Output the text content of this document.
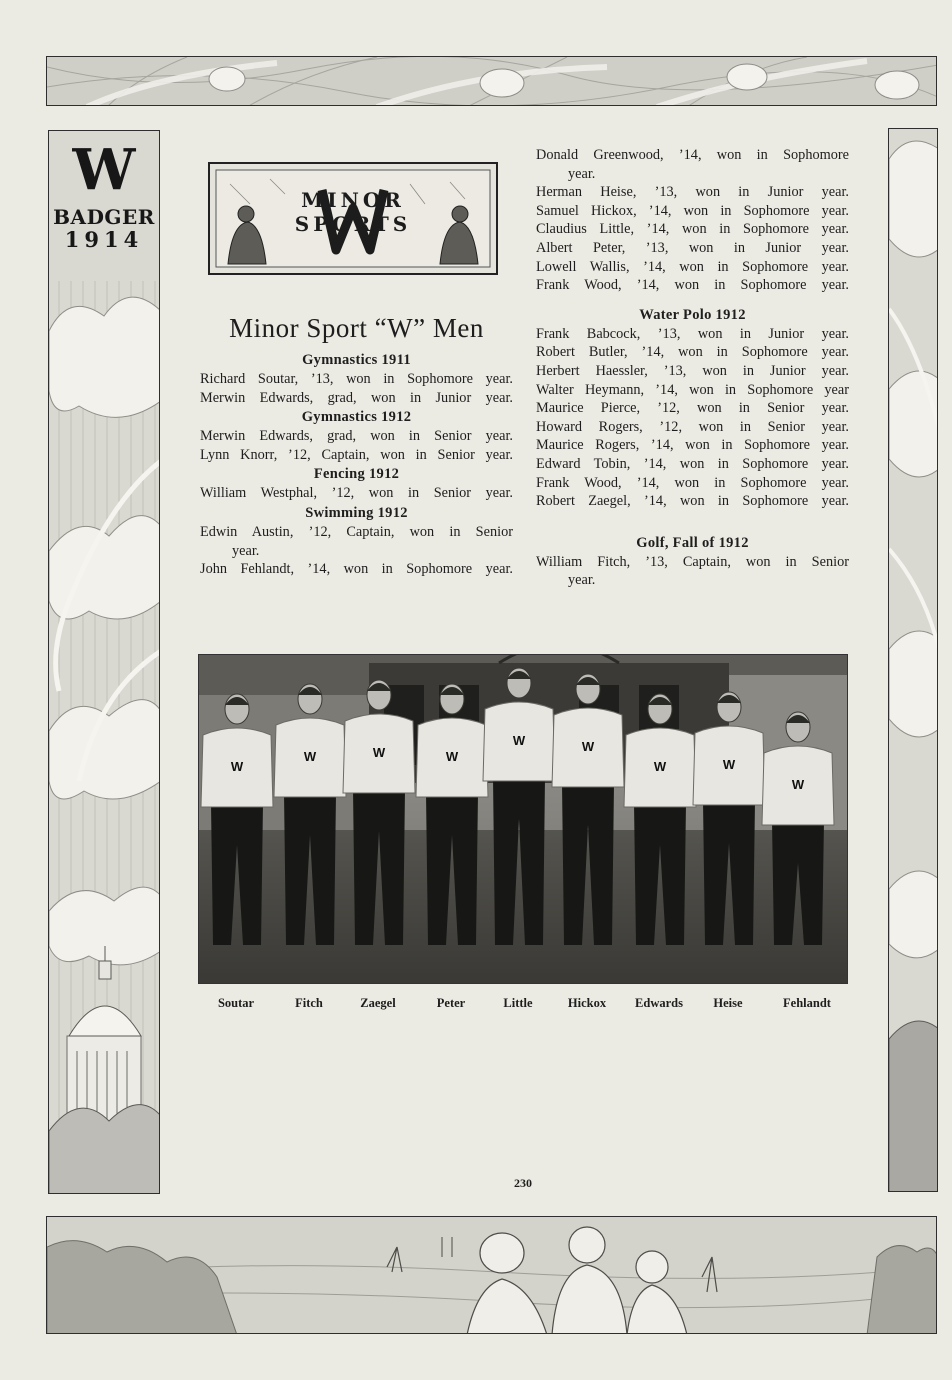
W
BADGER
1914
MINOR SPORTS
Minor Sport “W” Men
Gymnastics 1911

Richard Soutar, ’13, won in Sophomore year.

Merwin Edwards, grad, won in Junior year.

Gymnastics 1912

Merwin Edwards, grad, won in Senior year.

Lynn Knorr, ’12, Captain, won in Senior year.

Fencing 1912

William Westphal, ’12, won in Senior year.

Swimming 1912

Edwin Austin, ’12, Captain, won in Senior

year.

John Fehlandt, ’14, won in Sophomore year.

Donald Greenwood, ’14, won in Sophomore

year.

Herman Heise, ’13, won in Junior year.

Samuel Hickox, ’14, won in Sophomore year.

Claudius Little, ’14, won in Sophomore year.

Albert Peter, ’13, won in Junior year.

Lowell Wallis, ’14, won in Sophomore year.

Frank Wood, ’14, won in Sophomore year.

Water Polo 1912

Frank Babcock, ’13, won in Junior year.

Robert Butler, ’14, won in Sophomore year.

Herbert Haessler, ’13, won in Junior year.

Walter Heymann, ’14, won in Sophomore year

Maurice Pierce, ’12, won in Senior year.

Howard Rogers, ’12, won in Senior year.

Maurice Rogers, ’14, won in Sophomore year.

Edward Tobin, ’14, won in Sophomore year.

Frank Wood, ’14, won in Sophomore year.

Robert Zaegel, ’14, won in Sophomore year.

Golf, Fall of 1912

William Fitch, ’13, Captain, won in Senior

year.

W
W	W	W
W	W
W	W
W
Soutar	Fitch	Zaegel	Peter	Little	Hickox Edwards Heise	Fehlandt
230
